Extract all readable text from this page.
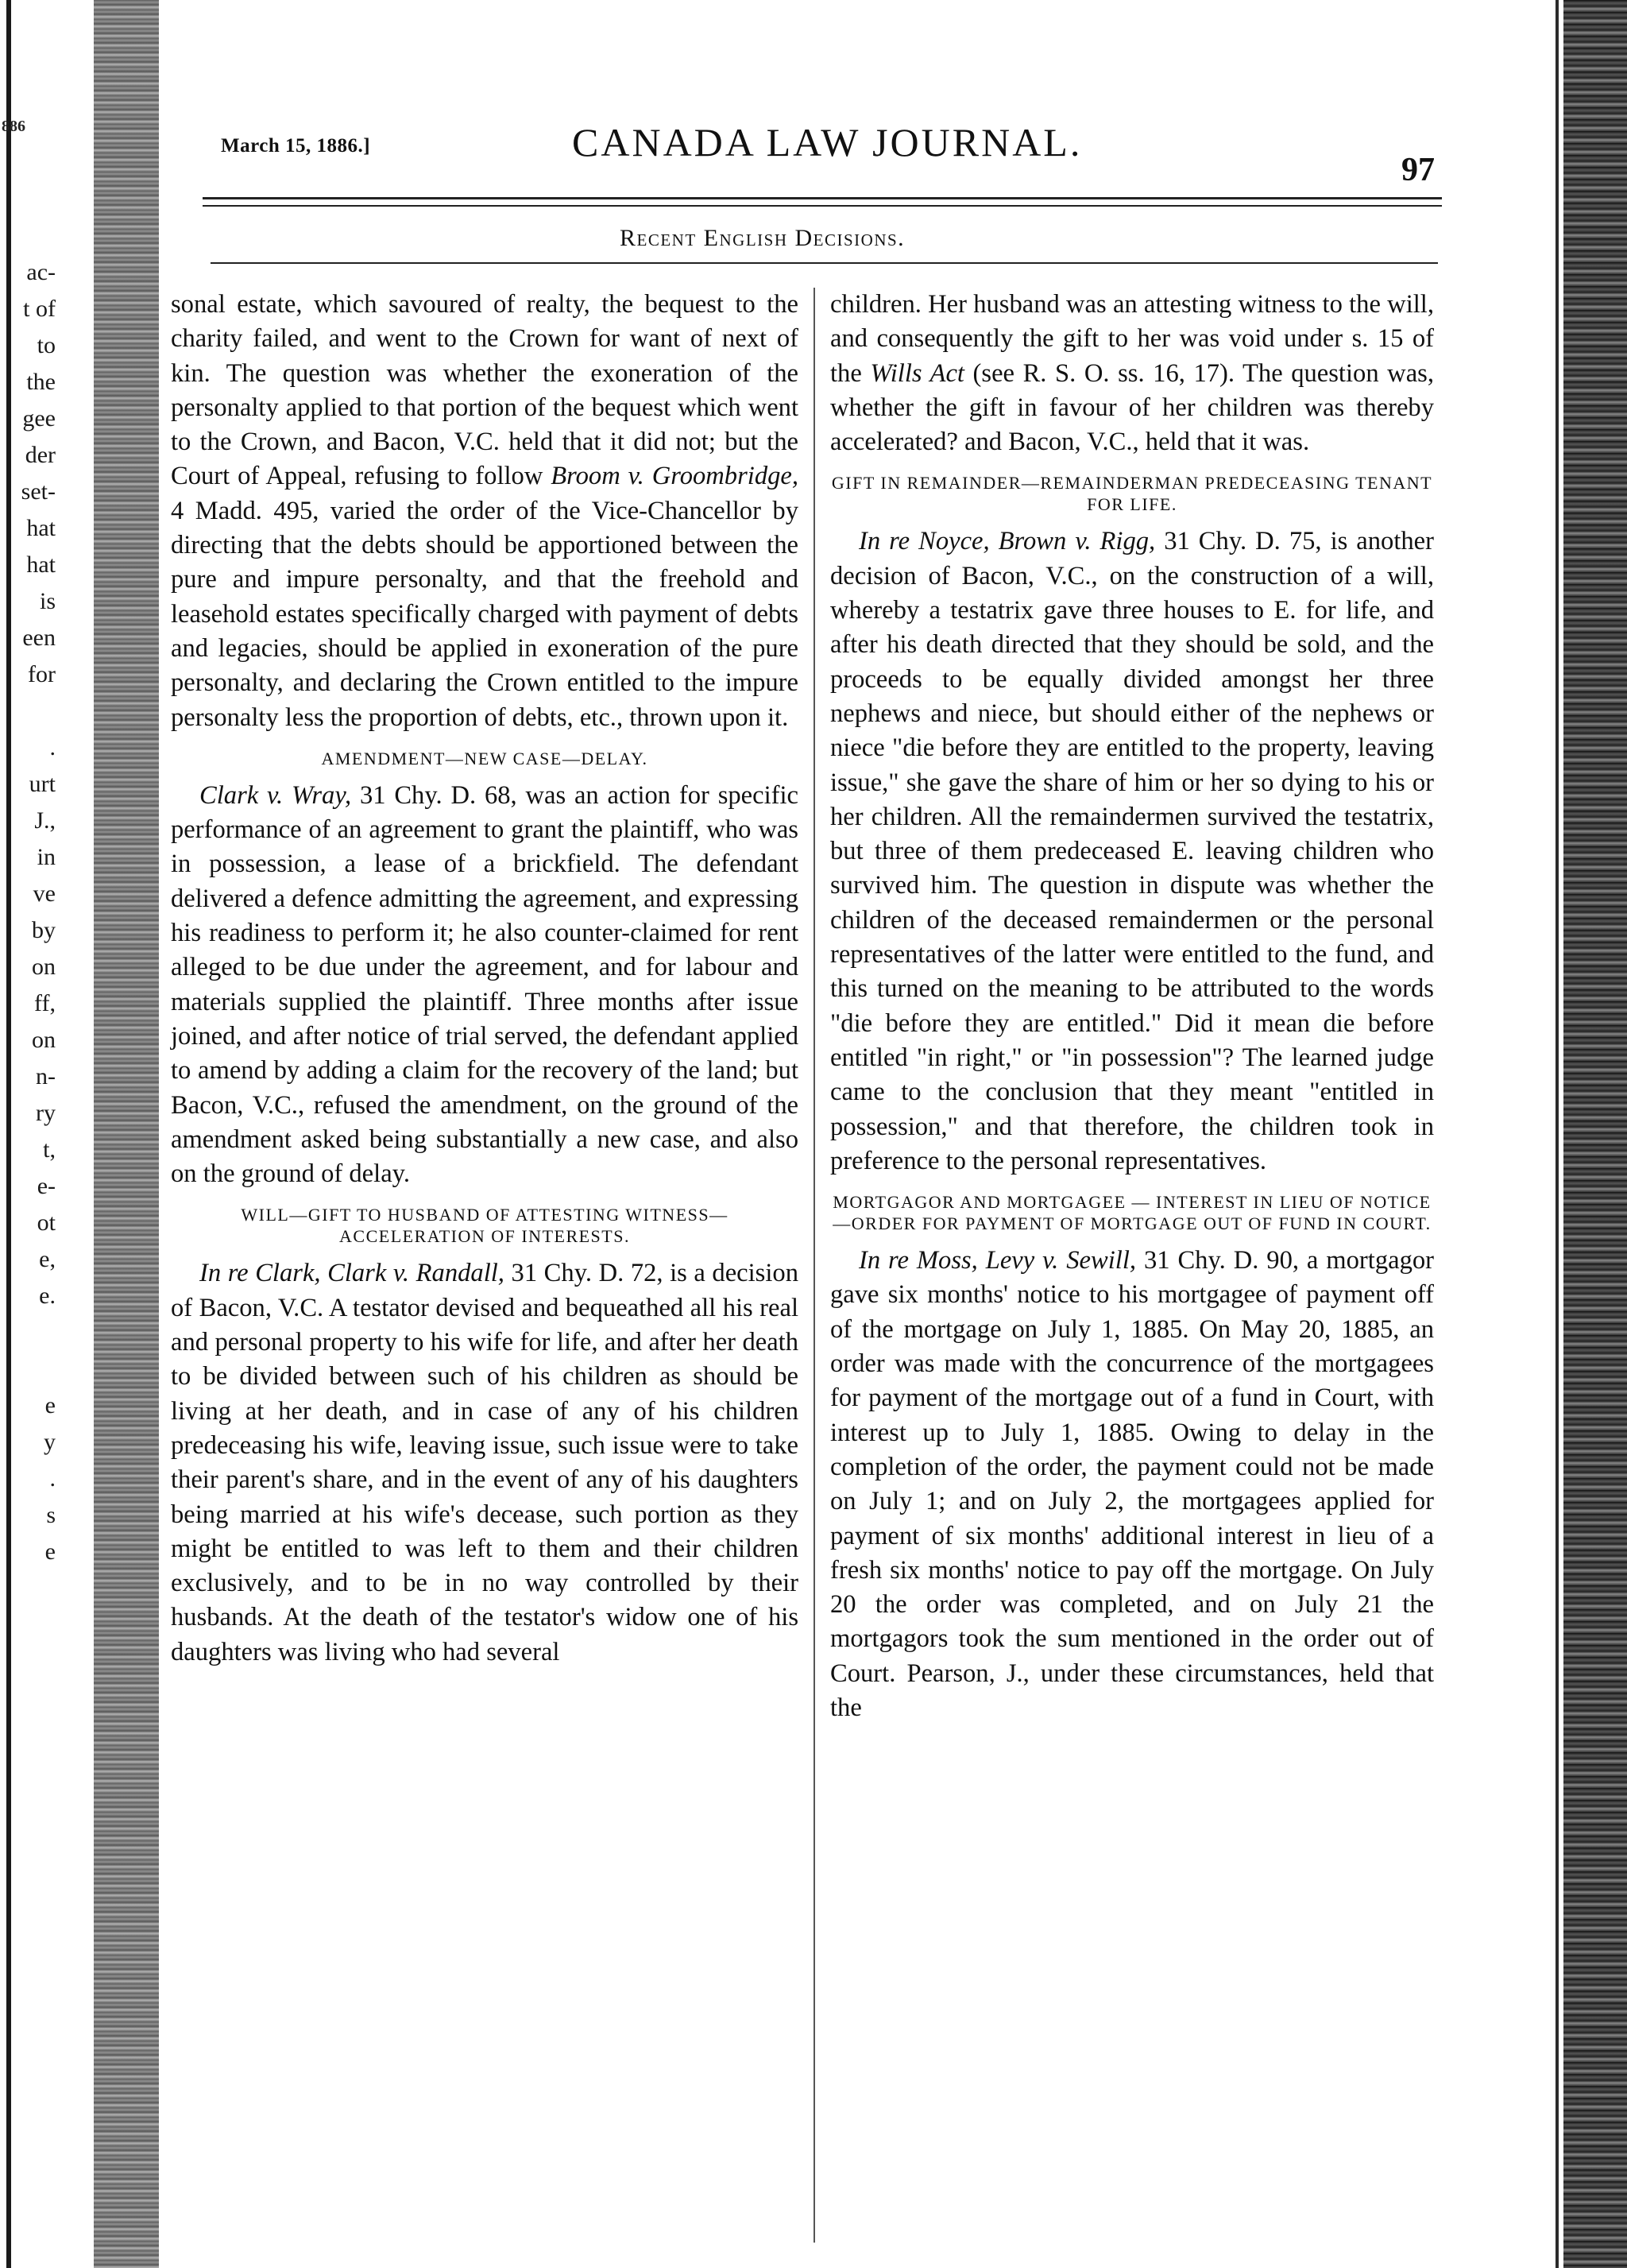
886
ac-
t of
to
the
gee
der
set-
hat
hat
is
een
for

.
urt
J.,
in
ve
by
on
ff,
on
n-
ry
t,
e-
ot
e,
e.

e
y
.
s
e
March 15, 1886.]	CANADA LAW JOURNAL.
97
Recent English Decisions.

sonal estate, which savoured of realty, the bequest to the charity failed, and went to the Crown for want of next of kin. The question was whether the exoneration of the personalty applied to that portion of the bequest which went to the Crown, and Bacon, V.C. held that it did not; but the Court of Appeal, refusing to follow Broom v. Groombridge, 4 Madd. 495, varied the order of the Vice-Chancellor by directing that the debts should be apportioned between the pure and impure personalty, and that the freehold and leasehold estates specifically charged with payment of debts and legacies, should be applied in exoneration of the pure personalty, and declaring the Crown entitled to the impure personalty less the proportion of debts, etc., thrown upon it.

AMENDMENT—NEW CASE—DELAY.

Clark v. Wray, 31 Chy. D. 68, was an action for specific performance of an agreement to grant the plaintiff, who was in possession, a lease of a brickfield. The defendant delivered a defence admitting the agreement, and expressing his readiness to perform it; he also counter-claimed for rent alleged to be due under the agreement, and for labour and materials supplied the plaintiff. Three months after issue joined, and after notice of trial served, the defendant applied to amend by adding a claim for the recovery of the land; but Bacon, V.C., refused the amendment, on the ground of the amendment asked being substantially a new case, and also on the ground of delay.

WILL—GIFT TO HUSBAND OF ATTESTING WITNESS—ACCELERATION OF INTERESTS.

In re Clark, Clark v. Randall, 31 Chy. D. 72, is a decision of Bacon, V.C. A testator devised and bequeathed all his real and personal property to his wife for life, and after her death to be divided between such of his children as should be living at her death, and in case of any of his children predeceasing his wife, leaving issue, such issue were to take their parent's share, and in the event of any of his daughters being married at his wife's decease, such portion as they might be entitled to was left to them and their children exclusively, and to be in no way controlled by their husbands. At the death of the testator's widow one of his daughters was living who had several

children. Her husband was an attesting witness to the will, and consequently the gift to her was void under s. 15 of the Wills Act (see R. S. O. ss. 16, 17). The question was, whether the gift in favour of her children was thereby accelerated? and Bacon, V.C., held that it was.

GIFT IN REMAINDER—REMAINDERMAN PREDECEASING TENANT FOR LIFE.

In re Noyce, Brown v. Rigg, 31 Chy. D. 75, is another decision of Bacon, V.C., on the construction of a will, whereby a testatrix gave three houses to E. for life, and after his death directed that they should be sold, and the proceeds to be equally divided amongst her three nephews and niece, but should either of the nephews or niece "die before they are entitled to the property, leaving issue," she gave the share of him or her so dying to his or her children. All the remaindermen survived the testatrix, but three of them predeceased E. leaving children who survived him. The question in dispute was whether the children of the deceased remaindermen or the personal representatives of the latter were entitled to the fund, and this turned on the meaning to be attributed to the words "die before they are entitled." Did it mean die before entitled "in right," or "in possession"? The learned judge came to the conclusion that they meant "entitled in possession," and that therefore, the children took in preference to the personal representatives.

MORTGAGOR AND MORTGAGEE — INTEREST IN LIEU OF NOTICE—ORDER FOR PAYMENT OF MORTGAGE OUT OF FUND IN COURT.

In re Moss, Levy v. Sewill, 31 Chy. D. 90, a mortgagor gave six months' notice to his mortgagee of payment off of the mortgage on July 1, 1885. On May 20, 1885, an order was made with the concurrence of the mortgagees for payment of the mortgage out of a fund in Court, with interest up to July 1, 1885. Owing to delay in the completion of the order, the payment could not be made on July 1; and on July 2, the mortgagees applied for payment of six months' additional interest in lieu of a fresh six months' notice to pay off the mortgage. On July 20 the order was completed, and on July 21 the mortgagors took the sum mentioned in the order out of Court. Pearson, J., under these circumstances, held that the
